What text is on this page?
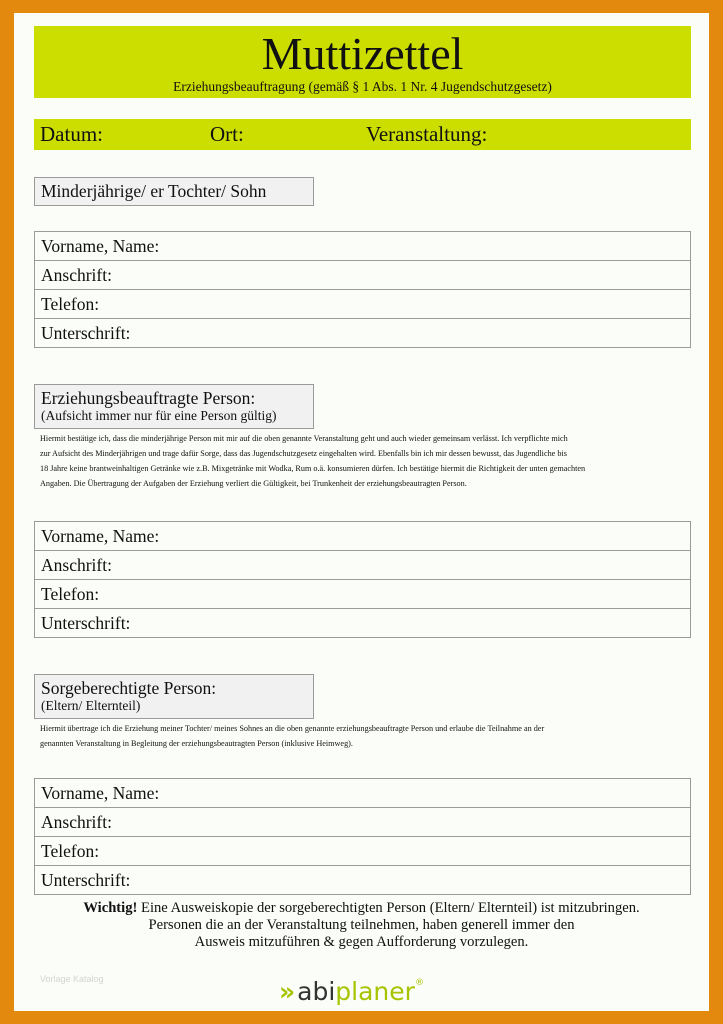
Muttizettel
Erziehungsbeauftragung (gemäß § 1 Abs. 1 Nr. 4 Jugendschutzgesetz)
Datum:	Ort:	Veranstaltung:
Minderjährige/ er Tochter/ Sohn
Vorname, Name:
Anschrift:
Telefon:
Unterschrift:
Erziehungsbeauftragte Person:
(Aufsicht immer nur für eine Person gültig)
Hiermit bestätige ich, dass die minderjährige Person mit mir auf die oben genannte Veranstaltung geht und auch wieder gemeinsam verlässt. Ich verpflichte mich
zur Aufsicht des Minderjährigen und trage dafür Sorge, dass das Jugendschutzgesetz eingehalten wird. Ebenfalls bin ich mir dessen bewusst, das Jugendliche bis
18 Jahre keine brantweinhaltigen Getränke wie z.B. Mixgetränke mit Wodka, Rum o.ä. konsumieren dürfen. Ich bestätige hiermit die Richtigkeit der unten gemachten
Angaben. Die Übertragung der Aufgaben der Erziehung verliert die Gültigkeit, bei Trunkenheit der erziehungsbeautragten Person.
Vorname, Name:
Anschrift:
Telefon:
Unterschrift:
Sorgeberechtigte Person:
(Eltern/ Elternteil)
Hiermit übertrage ich die Erziehung meiner Tochter/ meines Sohnes an die oben genannte erziehungsbeauftragte Person und erlaube die Teilnahme an der
genannten Veranstaltung in Begleitung der erziehungsbeautragten Person (inklusive Heimweg).
Vorname, Name:
Anschrift:
Telefon:
Unterschrift:
Wichtig! Eine Ausweiskopie der sorgeberechtigten Person (Eltern/ Elternteil) ist mitzubringen.
Personen die an der Veranstaltung teilnehmen, haben generell immer den
Ausweis mitzuführen & gegen Aufforderung vorzulegen.
Vorlage Katalog	» abiplaner®
